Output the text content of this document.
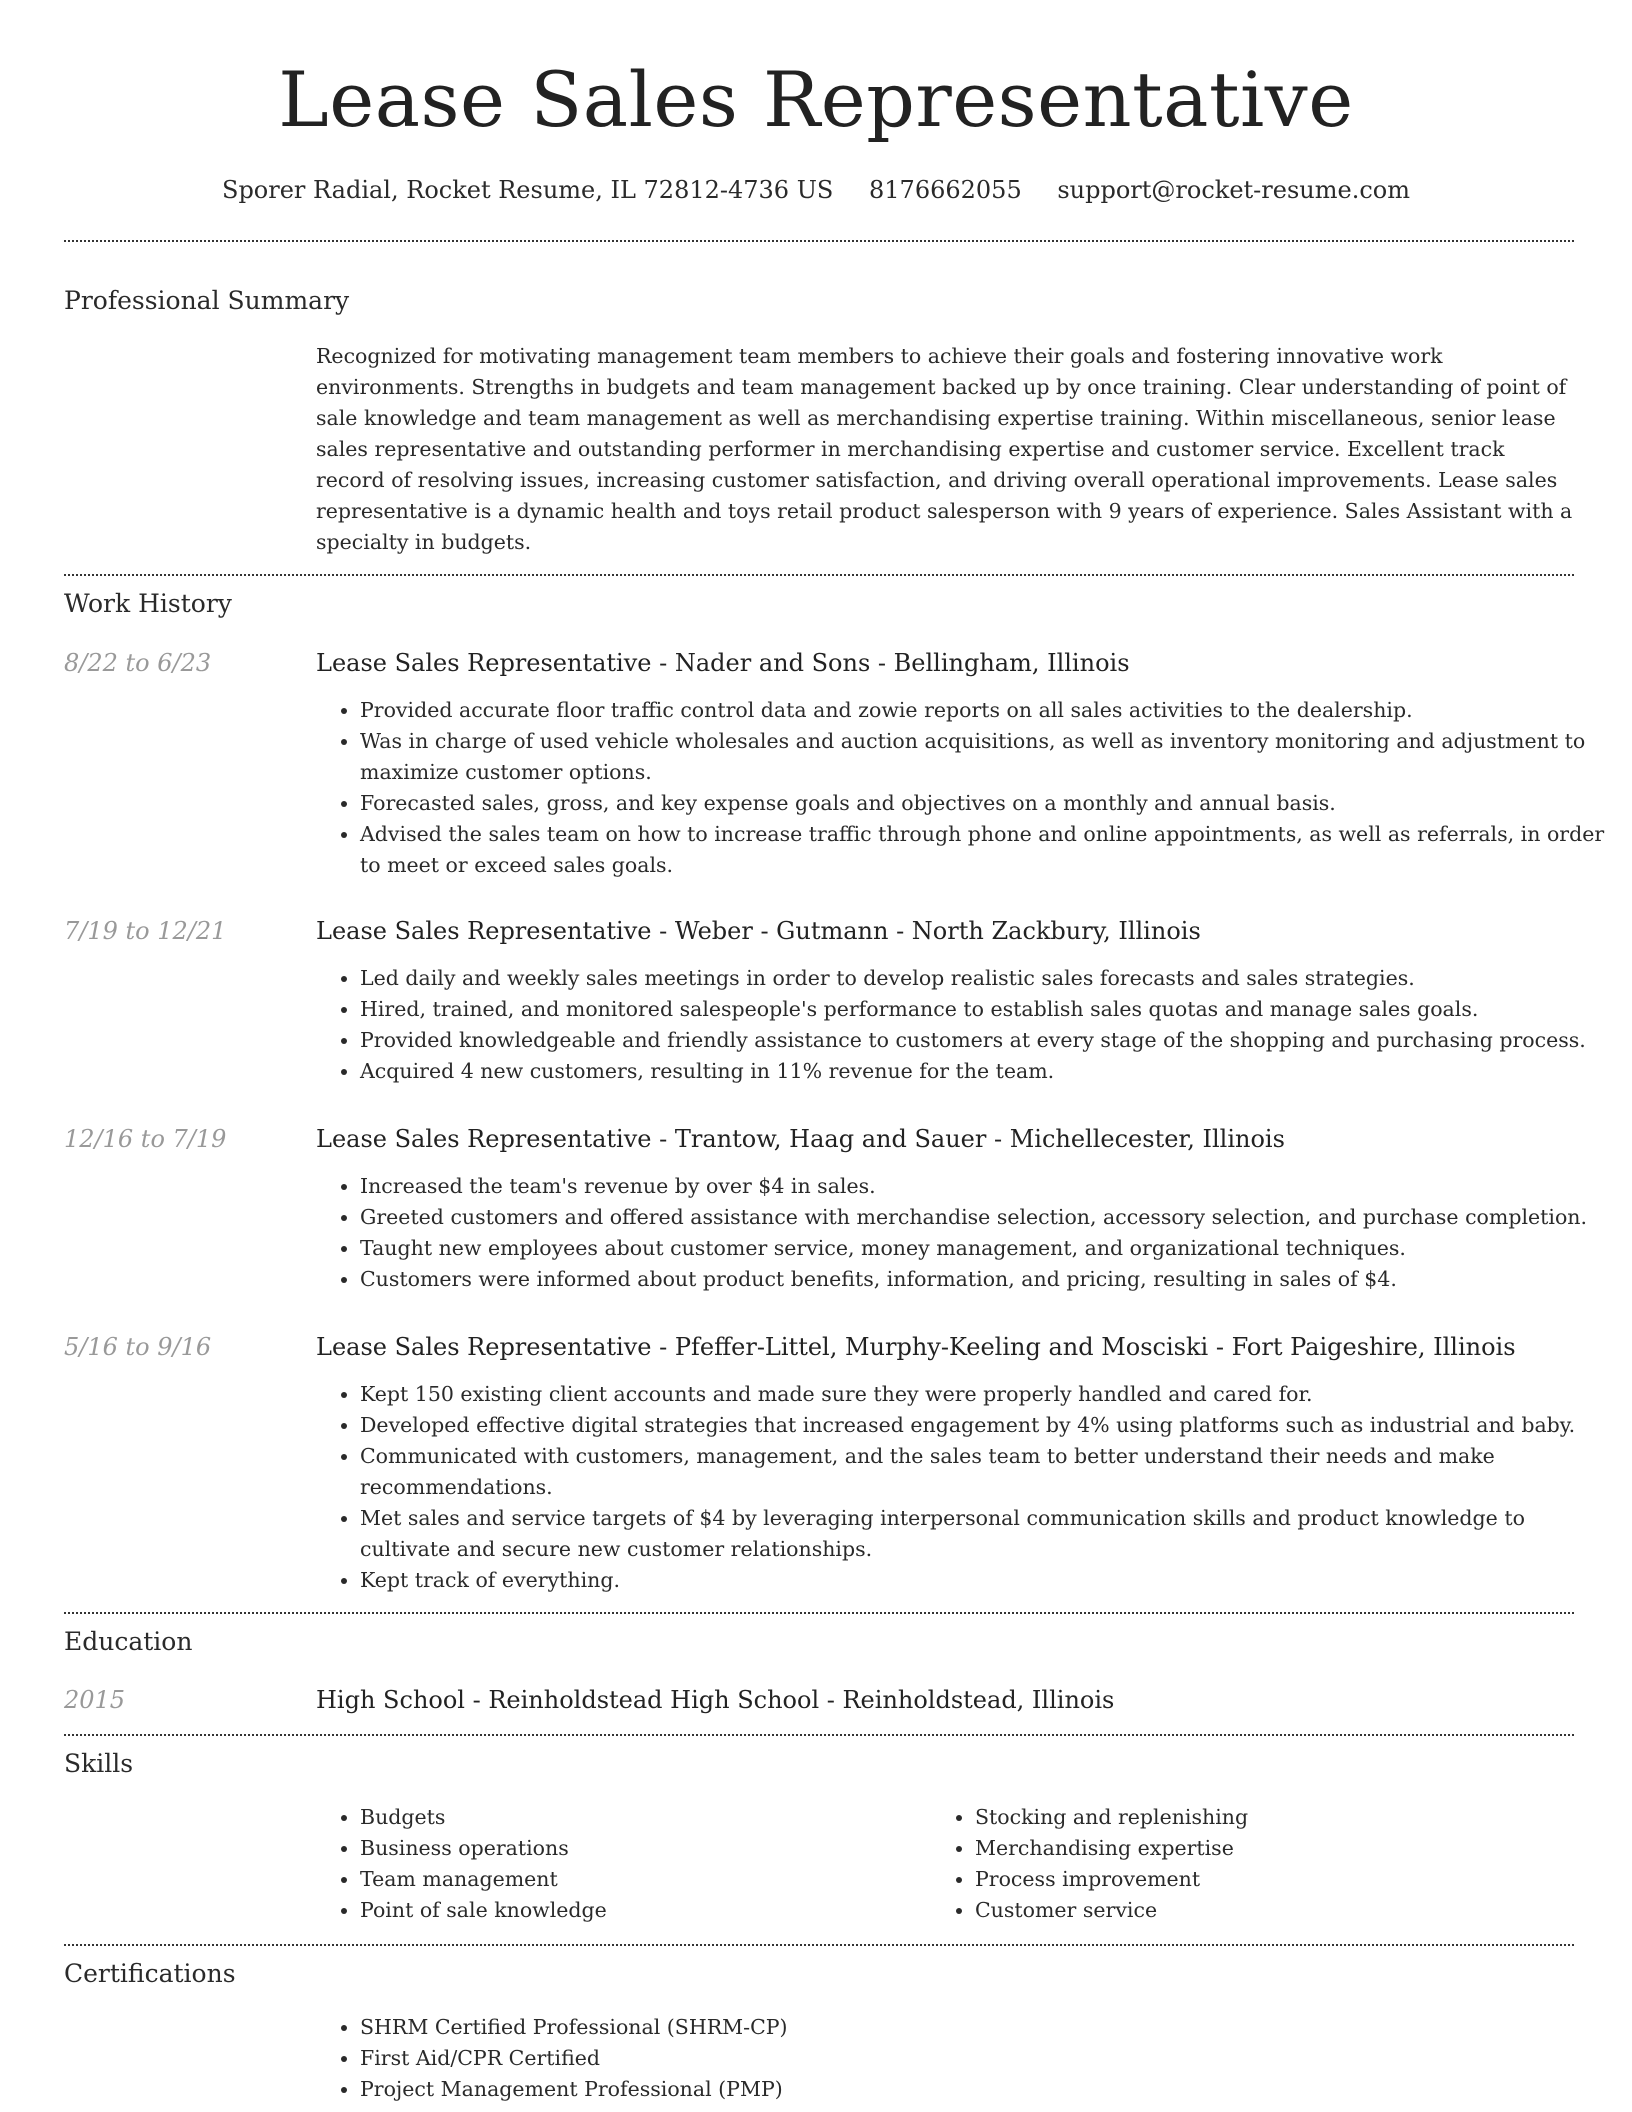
Lease Sales Representative
Sporer Radial, Rocket Resume, IL 72812-4736 US 8176662055 support@rocket-resume.com
Professional Summary
Recognized for motivating management team members to achieve their goals and fostering innovative work environments. Strengths in budgets and team management backed up by once training. Clear understanding of point of sale knowledge and team management as well as merchandising expertise training. Within miscellaneous, senior lease sales representative and outstanding performer in merchandising expertise and customer service. Excellent track record of resolving issues, increasing customer satisfaction, and driving overall operational improvements. Lease sales representative is a dynamic health and toys retail product salesperson with 9 years of experience. Sales Assistant with a specialty in budgets.
Work History
8/22 to 6/23	Lease Sales Representative - Nader and Sons - Bellingham, Illinois
• Provided accurate floor traffic control data and zowie reports on all sales activities to the dealership.
• Was in charge of used vehicle wholesales and auction acquisitions, as well as inventory monitoring and adjustment to maximize customer options.
• Forecasted sales, gross, and key expense goals and objectives on a monthly and annual basis.
• Advised the sales team on how to increase traffic through phone and online appointments, as well as referrals, in order to meet or exceed sales goals.
7/19 to 12/21	Lease Sales Representative - Weber - Gutmann - North Zackbury, Illinois
• Led daily and weekly sales meetings in order to develop realistic sales forecasts and sales strategies.
• Hired, trained, and monitored salespeople's performance to establish sales quotas and manage sales goals.
• Provided knowledgeable and friendly assistance to customers at every stage of the shopping and purchasing process.
• Acquired 4 new customers, resulting in 11% revenue for the team.
12/16 to 7/19	Lease Sales Representative - Trantow, Haag and Sauer - Michellecester, Illinois
• Increased the team's revenue by over $4 in sales.
• Greeted customers and offered assistance with merchandise selection, accessory selection, and purchase completion.
• Taught new employees about customer service, money management, and organizational techniques.
• Customers were informed about product benefits, information, and pricing, resulting in sales of $4.
5/16 to 9/16	Lease Sales Representative - Pfeffer-Littel, Murphy-Keeling and Mosciski - Fort Paigeshire, Illinois
• Kept 150 existing client accounts and made sure they were properly handled and cared for.
• Developed effective digital strategies that increased engagement by 4% using platforms such as industrial and baby.
• Communicated with customers, management, and the sales team to better understand their needs and make recommendations.
• Met sales and service targets of $4 by leveraging interpersonal communication skills and product knowledge to cultivate and secure new customer relationships.
• Kept track of everything.
Education
2015	High School - Reinholdstead High School - Reinholdstead, Illinois
Skills
• Budgets
• Business operations
• Team management
• Point of sale knowledge
• Stocking and replenishing
• Merchandising expertise
• Process improvement
• Customer service
Certifications
• SHRM Certified Professional (SHRM-CP)
• First Aid/CPR Certified
• Project Management Professional (PMP)
